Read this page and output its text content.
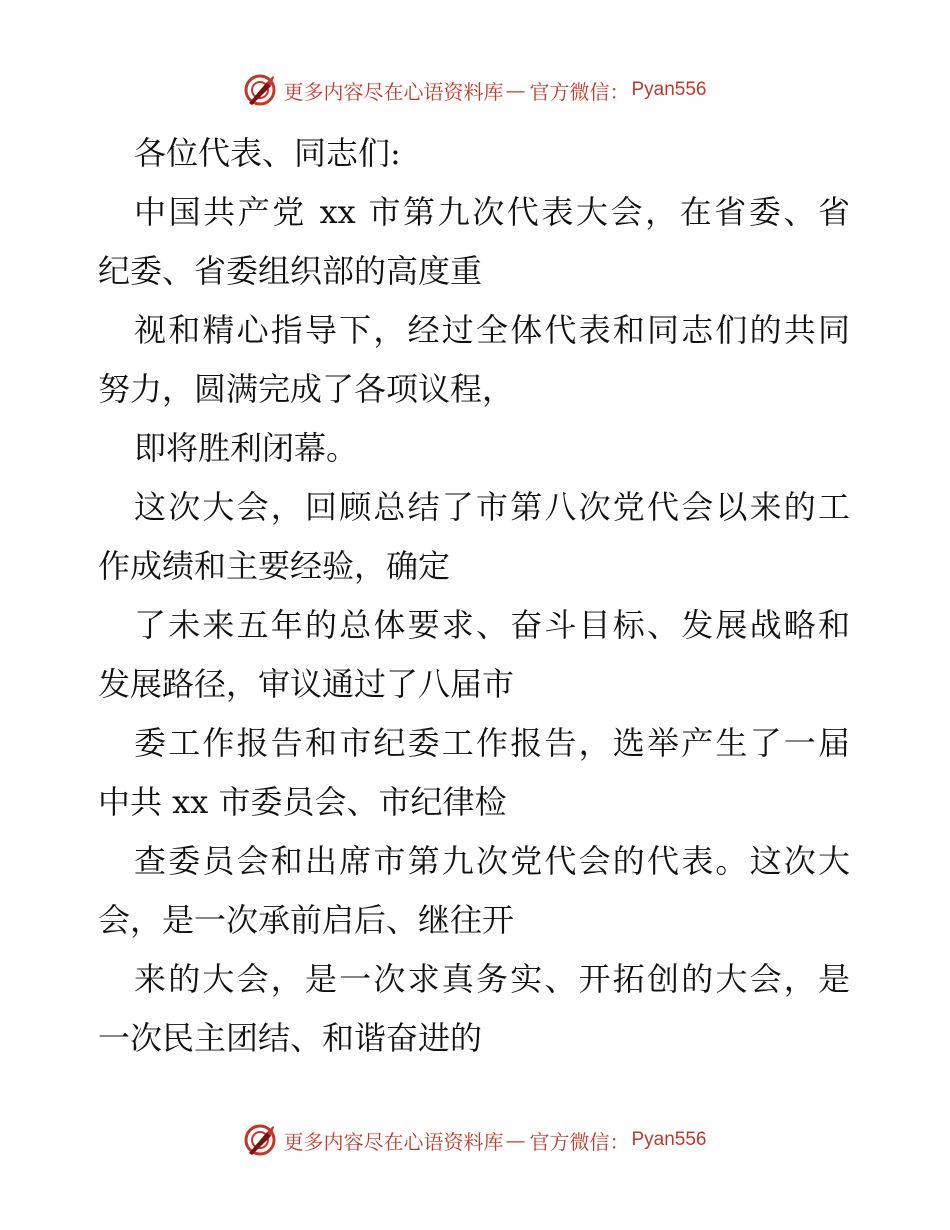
更多内容尽在心语资料库 — 官方微信： Pyan556
各位代表、同志们:
中国共产党 xx 市第九次代表大会，在省委、省
纪委、省委组织部的高度重
视和精心指导下，经过全体代表和同志们的共同
努力，圆满完成了各项议程，
即将胜利闭幕。
这次大会，回顾总结了市第八次党代会以来的工
作成绩和主要经验，确定
了未来五年的总体要求、奋斗目标、发展战略和
发展路径，审议通过了八届市
委工作报告和市纪委工作报告，选举产生了一届
中共 xx 市委员会、市纪律检
查委员会和出席市第九次党代会的代表。这次大
会，是一次承前启后、继往开
来的大会，是一次求真务实、开拓创的大会，是
一次民主团结、和谐奋进的
更多内容尽在心语资料库 — 官方微信： Pyan556
